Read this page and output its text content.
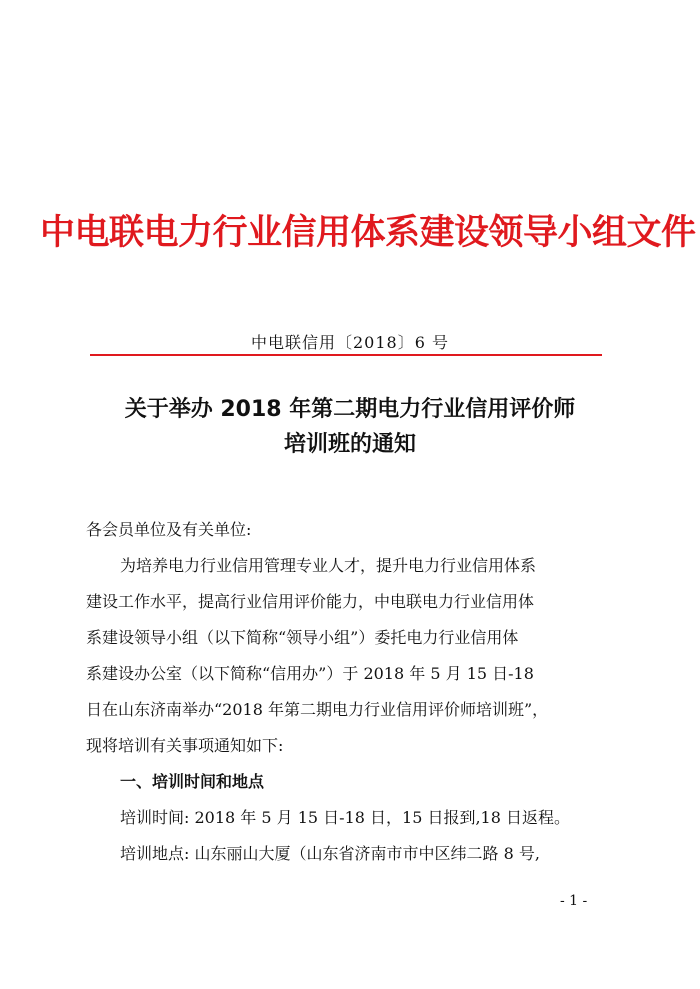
中电联电力行业信用体系建设领导小组文件
中电联信用〔2018〕6 号
关于举办 2018 年第二期电力行业信用评价师
培训班的通知
各会员单位及有关单位:
为培养电力行业信用管理专业人才，提升电力行业信用体系
建设工作水平，提高行业信用评价能力，中电联电力行业信用体
系建设领导小组（以下简称“领导小组”）委托电力行业信用体
系建设办公室（以下简称“信用办”）于 2018 年 5 月 15 日-18
日在山东济南举办“2018 年第二期电力行业信用评价师培训班”，
现将培训有关事项通知如下:
一、培训时间和地点
培训时间: 2018 年 5 月 15 日-18 日，15 日报到,18 日返程。
培训地点: 山东丽山大厦（山东省济南市市中区纬二路 8 号,
- 1 -
